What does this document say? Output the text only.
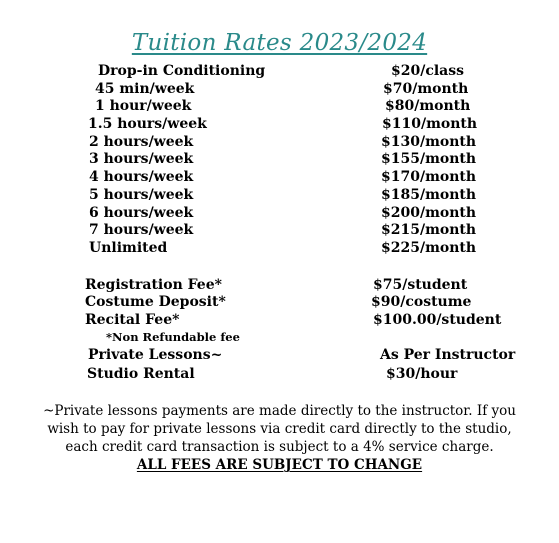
Tuition Rates 2023/2024
Drop-in Conditioning	$20/class
45 min/week	$70/month
1 hour/week	$80/month
1.5 hours/week	$110/month
2 hours/week	$130/month
3 hours/week	$155/month
4 hours/week	$170/month
5 hours/week	$185/month
6 hours/week	$200/month
7 hours/week	$215/month
Unlimited	$225/month
Registration Fee*	$75/student
Costume Deposit*	$90/costume
Recital Fee*	$100.00/student
*Non Refundable fee
Private Lessons~	As Per Instructor
Studio Rental	$30/hour
~Private lessons payments are made directly to the instructor. If you
wish to pay for private lessons via credit card directly to the studio,
each credit card transaction is subject to a 4% service charge.
ALL FEES ARE SUBJECT TO CHANGE
